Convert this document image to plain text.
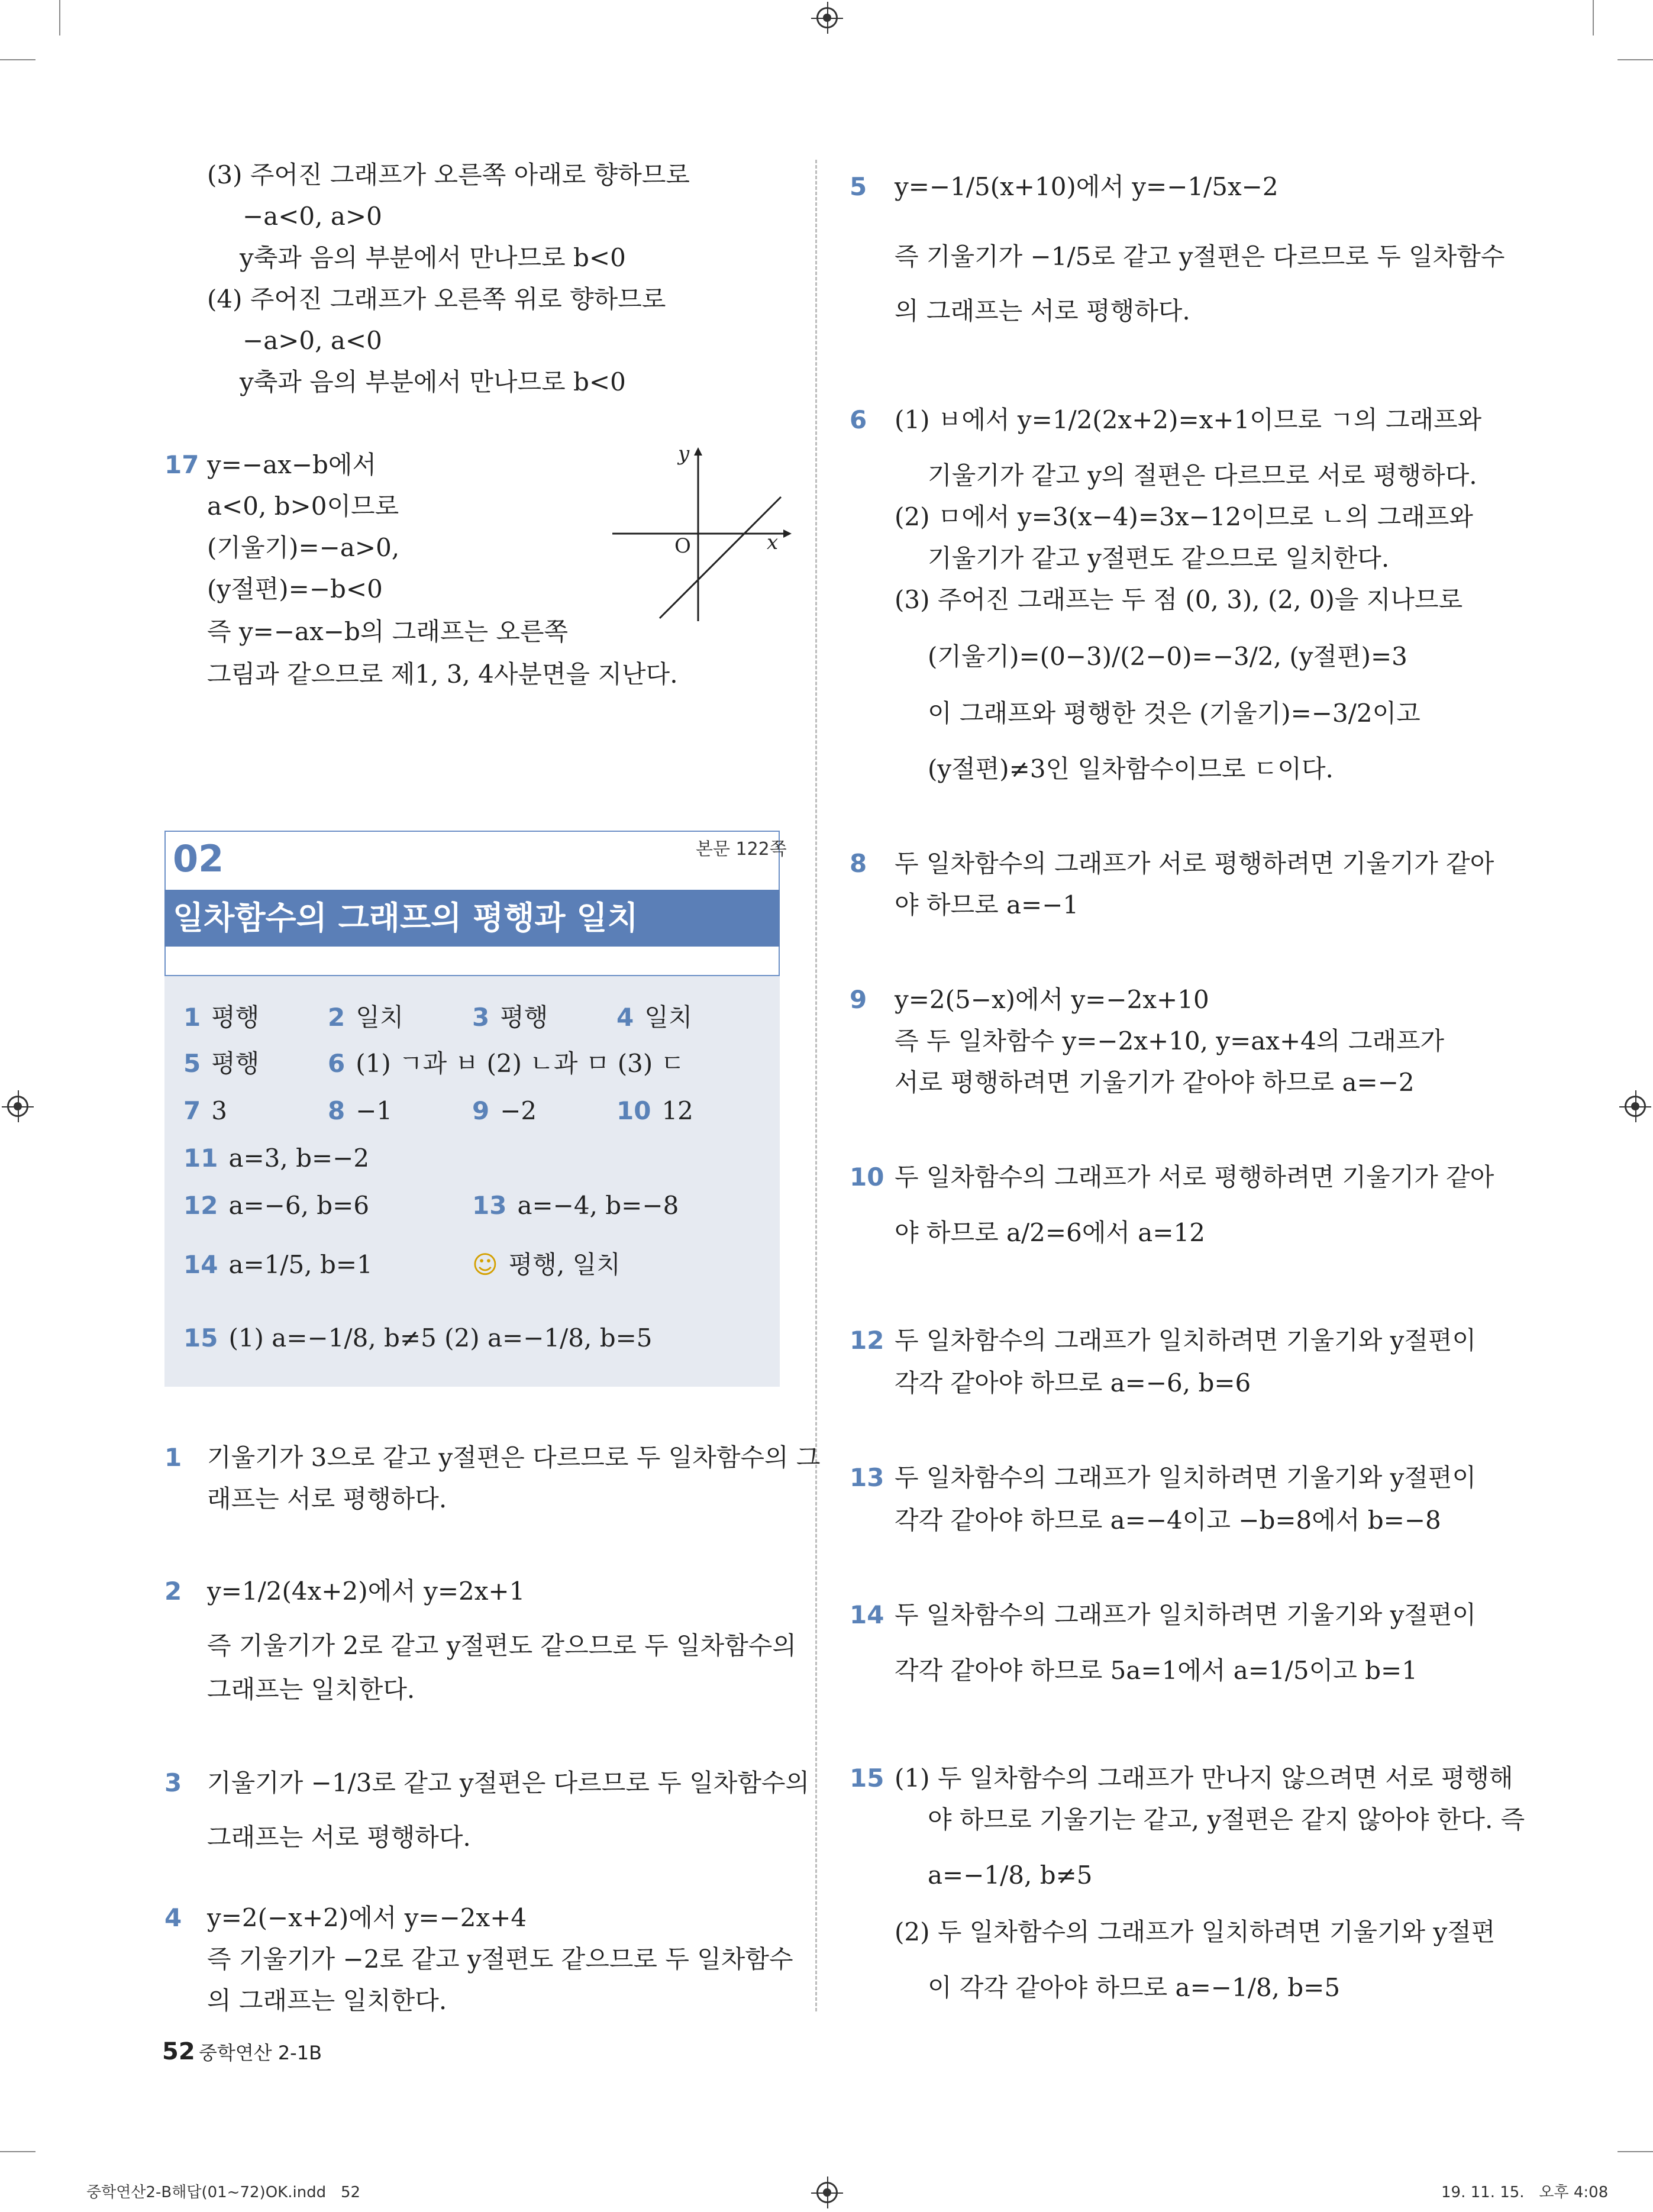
(3) 주어진 그래프가 오른쪽 아래로 향하므로
−a<0, a>0
y축과 음의 부분에서 만나므로 b<0
(4) 주어진 그래프가 오른쪽 위로 향하므로
−a>0, a<0
y축과 음의 부분에서 만나므로 b<0
17 y=−ax−b에서
a<0, b>0이므로
(기울기)=−a>0,
(y절편)=−b<0
즉 y=−ax−b의 그래프는 오른쪽
그림과 같으므로 제1, 3, 4사분면을 지난다.
y
x
O
02	본문 122쪽
일차함수의 그래프의 평행과 일치
1 평행	2 일치	3 평행	4 일치
5 평행	6 (1) ㄱ과 ㅂ (2) ㄴ과 ㅁ (3) ㄷ
7 3	8 −1	9 −2	10 12
11 a=3, b=−2
12 a=−6, b=6	13 a=−4, b=−8
14 a=1/5, b=1	☺ 평행, 일치
15 (1) a=−1/8, b≠5 (2) a=−1/8, b=5
1 기울기가 3으로 같고 y절편은 다르므로 두 일차함수의 그
래프는 서로 평행하다.
2 y=1/2(4x+2)에서 y=2x+1
즉 기울기가 2로 같고 y절편도 같으므로 두 일차함수의
그래프는 일치한다.
3 기울기가 −1/3로 같고 y절편은 다르므로 두 일차함수의
그래프는 서로 평행하다.
4 y=2(−x+2)에서 y=−2x+4
즉 기울기가 −2로 같고 y절편도 같으므로 두 일차함수
의 그래프는 일치한다.
5 y=−1/5(x+10)에서 y=−1/5x−2
즉 기울기가 −1/5로 같고 y절편은 다르므로 두 일차함수
의 그래프는 서로 평행하다.
6 (1) ㅂ에서 y=1/2(2x+2)=x+1이므로 ㄱ의 그래프와
기울기가 같고 y의 절편은 다르므로 서로 평행하다.
(2) ㅁ에서 y=3(x−4)=3x−12이므로 ㄴ의 그래프와
기울기가 같고 y절편도 같으므로 일치한다.
(3) 주어진 그래프는 두 점 (0, 3), (2, 0)을 지나므로
(기울기)=(0−3)/(2−0)=−3/2, (y절편)=3
이 그래프와 평행한 것은 (기울기)=−3/2이고
(y절편)≠3인 일차함수이므로 ㄷ이다.
8 두 일차함수의 그래프가 서로 평행하려면 기울기가 같아
야 하므로 a=−1
9 y=2(5−x)에서 y=−2x+10
즉 두 일차함수 y=−2x+10, y=ax+4의 그래프가
서로 평행하려면 기울기가 같아야 하므로 a=−2
10 두 일차함수의 그래프가 서로 평행하려면 기울기가 같아
야 하므로 a/2=6에서 a=12
12 두 일차함수의 그래프가 일치하려면 기울기와 y절편이
각각 같아야 하므로 a=−6, b=6
13 두 일차함수의 그래프가 일치하려면 기울기와 y절편이
각각 같아야 하므로 a=−4이고 −b=8에서 b=−8
14 두 일차함수의 그래프가 일치하려면 기울기와 y절편이
각각 같아야 하므로 5a=1에서 a=1/5이고 b=1
15 (1) 두 일차함수의 그래프가 만나지 않으려면 서로 평행해
야 하므로 기울기는 같고, y절편은 같지 않아야 한다. 즉
a=−1/8, b≠5
(2) 두 일차함수의 그래프가 일치하려면 기울기와 y절편
이 각각 같아야 하므로 a=−1/8, b=5
52 중학연산 2-1B
중학연산2-B해답(01~72)OK.indd   52	19. 11. 15.   오후 4:08
